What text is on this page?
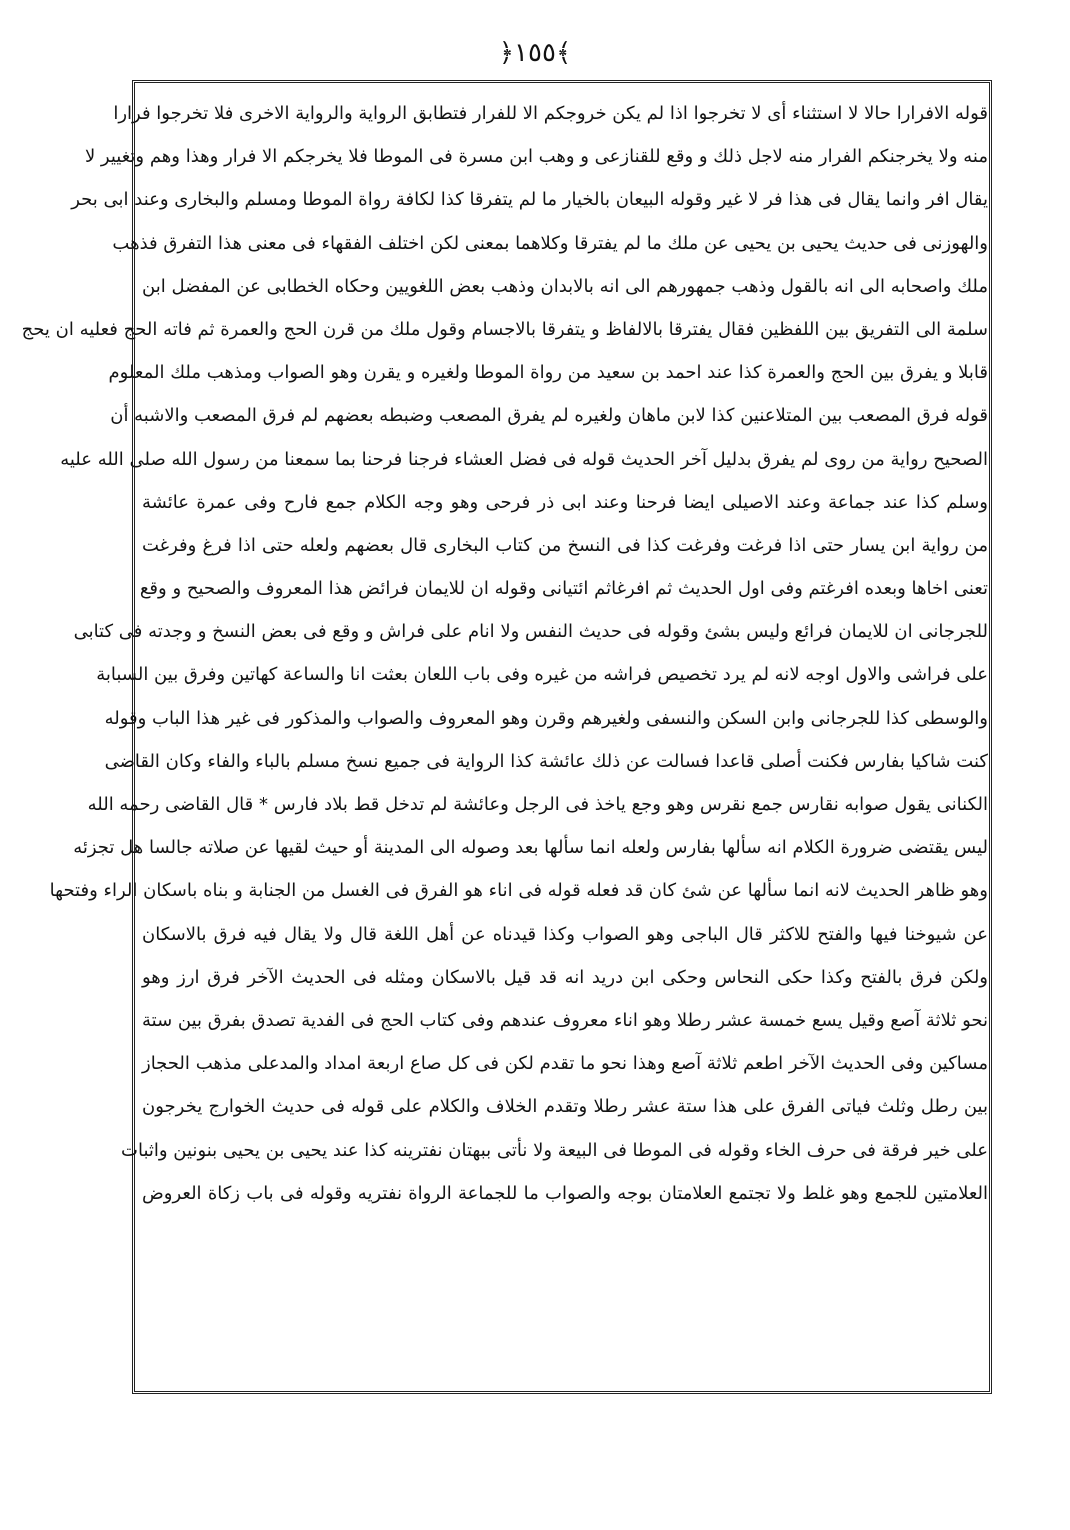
﴿١٥٥﴾
قوله الافرارا حالا لا استثناء أى لا تخرجوا اذا لم يكن خروجكم الا للفرار فتطابق الرواية والرواية الاخرى فلا تخرجوا فرارا
منه ولا يخرجنكم الفرار منه لاجل ذلك و وقع للقنازعى و وهب ابن مسرة فى الموطا فلا يخرجكم الا فرار وهذا وهم وتغيير لا
يقال افر وانما يقال فى هذا فر لا غير وقوله البيعان بالخيار ما لم يتفرقا كذا لكافة رواة الموطا ومسلم والبخارى وعند ابى بحر
والهوزنى فى حديث يحيى بن يحيى عن ملك ما لم يفترقا وكلاهما بمعنى لكن اختلف الفقهاء فى معنى هذا التفرق فذهب
ملك واصحابه الى انه بالقول وذهب جمهورهم الى انه بالابدان وذهب بعض اللغويين وحكاه الخطابى عن المفضل ابن
سلمة الى التفريق بين اللفظين فقال يفترقا بالالفاظ و يتفرقا بالاجسام وقول ملك من قرن الحج والعمرة ثم فاته الحج فعليه ان يحج
قابلا و يفرق بين الحج والعمرة كذا عند احمد بن سعيد من رواة الموطا ولغيره و يقرن وهو الصواب ومذهب ملك المعلوم
قوله فرق المصعب بين المتلاعنين كذا لابن ماهان ولغيره لم يفرق المصعب وضبطه بعضهم لم فرق المصعب والاشبه أن
الصحيح رواية من روى لم يفرق بدليل آخر الحديث قوله فى فضل العشاء فرجنا فرحنا بما سمعنا من رسول الله صلى الله عليه
وسلم كذا عند جماعة وعند الاصيلى ايضا فرحنا وعند ابى ذر فرحى وهو وجه الكلام جمع فارح وفى عمرة عائشة
من رواية ابن يسار حتى اذا فرغت وفرغت كذا فى النسخ من كتاب البخارى قال بعضهم ولعله حتى اذا فرغ وفرغت
تعنى اخاها وبعده افرغتم وفى اول الحديث ثم افرغاثم ائتيانى وقوله ان للايمان فرائض هذا المعروف والصحيح و وقع
للجرجانى ان للايمان فرائع وليس بشئ وقوله فى حديث النفس ولا انام على فراش و وقع فى بعض النسخ و وجدته فى كتابى
على فراشى والاول اوجه لانه لم يرد تخصيص فراشه من غيره وفى باب اللعان بعثت انا والساعة كهاتين وفرق بين السبابة
والوسطى كذا للجرجانى وابن السكن والنسفى ولغيرهم وقرن وهو المعروف والصواب والمذكور فى غير هذا الباب وقوله
كنت شاكيا بفارس فكنت أصلى قاعدا فسالت عن ذلك عائشة كذا الرواية فى جميع نسخ مسلم بالباء والفاء وكان القاضى
الكنانى يقول صوابه نقارس جمع نقرس وهو وجع ياخذ فى الرجل وعائشة لم تدخل قط بلاد فارس * قال القاضى رحمه الله
ليس يقتضى ضرورة الكلام انه سألها بفارس ولعله انما سألها بعد وصوله الى المدينة أو حيث لقيها عن صلاته جالسا هل تجزئه
وهو ظاهر الحديث لانه انما سألها عن شئ كان قد فعله قوله فى اناء هو الفرق فى الغسل من الجنابة و بناه باسكان الراء وفتحها
عن شيوخنا فيها والفتح للاكثر قال الباجى وهو الصواب وكذا قيدناه عن أهل اللغة قال ولا يقال فيه فرق بالاسكان
ولكن فرق بالفتح وكذا حكى النحاس وحكى ابن دريد انه قد قيل بالاسكان ومثله فى الحديث الآخر فرق ارز وهو
نحو ثلاثة آصع وقيل يسع خمسة عشر رطلا وهو اناء معروف عندهم وفى كتاب الحج فى الفدية تصدق بفرق بين ستة
مساكين وفى الحديث الآخر اطعم ثلاثة آصع وهذا نحو ما تقدم لكن فى كل صاع اربعة امداد والمدعلى مذهب الحجاز
بين رطل وثلث فياتى الفرق على هذا ستة عشر رطلا وتقدم الخلاف والكلام على قوله فى حديث الخوارج يخرجون
على خير فرقة فى حرف الخاء وقوله فى الموطا فى البيعة ولا نأتى ببهتان نفترينه كذا عند يحيى بن يحيى بنونين واثبات
العلامتين للجمع وهو غلط ولا تجتمع العلامتان بوجه والصواب ما للجماعة الرواة نفتريه وقوله فى باب زكاة العروض
